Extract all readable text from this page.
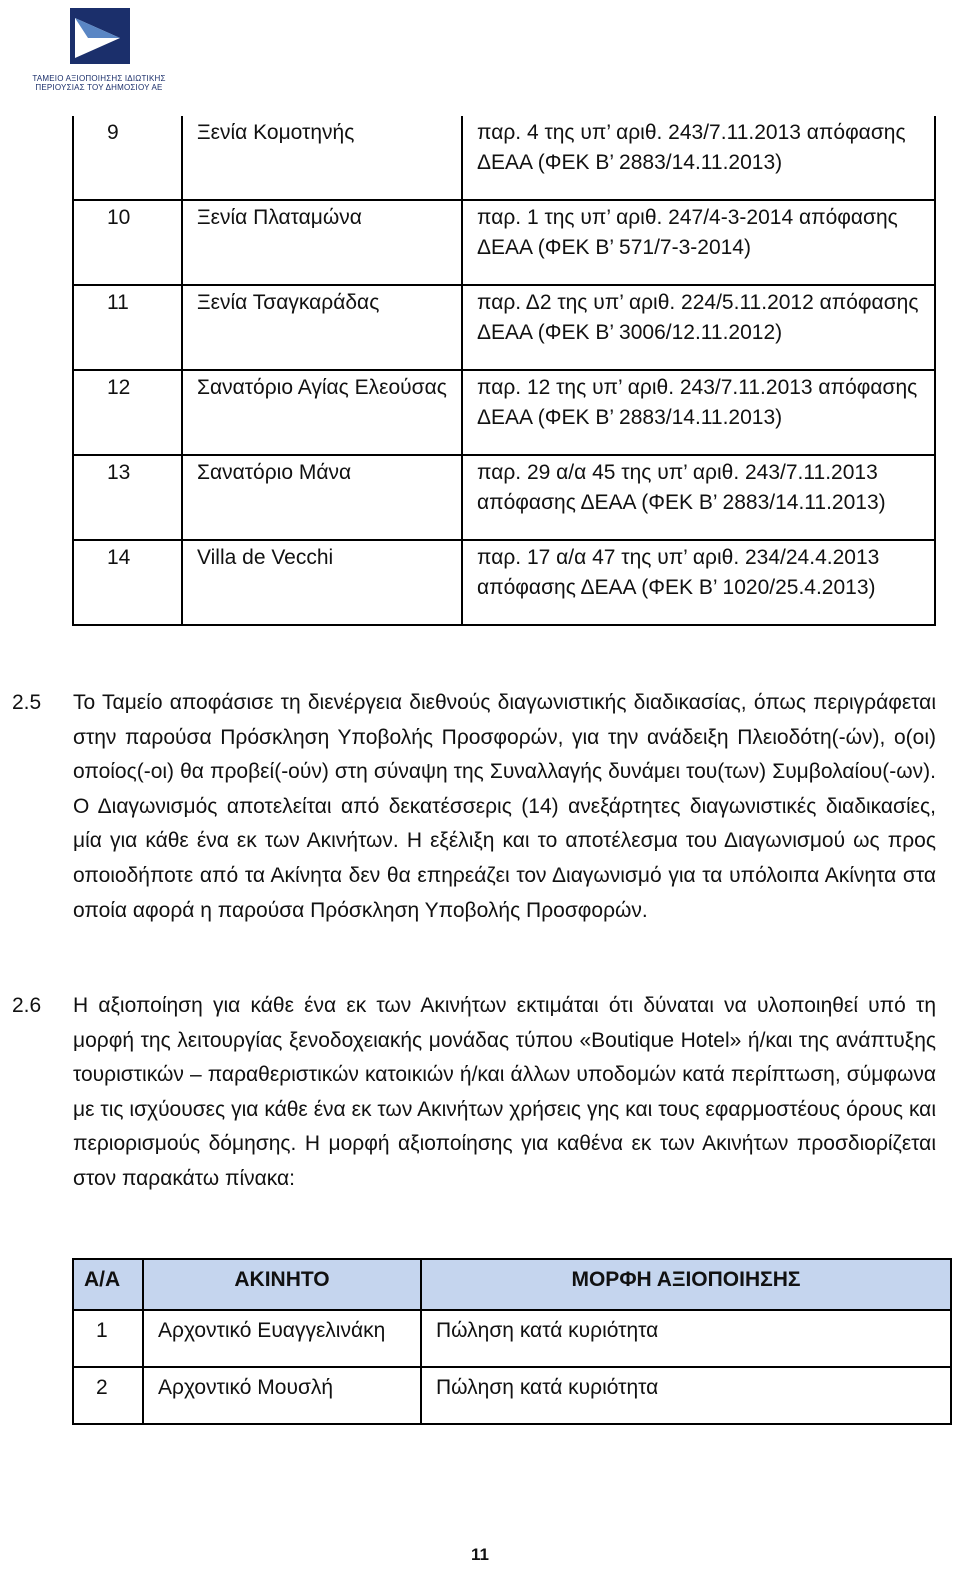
ΤΑΜΕΙΟ ΑΞΙΟΠΟΙΗΣΗΣ ΙΔΙΩΤΙΚΗΣ
ΠΕΡΙΟΥΣΙΑΣ ΤΟΥ ΔΗΜΟΣΙΟΥ ΑΕ
9	Ξενία Κομοτηνής	παρ. 4 της υπ’ αριθ. 243/7.11.2013 απόφασης ΔΕΑΑ (ΦΕΚ Β’ 2883/14.11.2013)
10	Ξενία Πλαταμώνα	παρ. 1 της υπ’ αριθ. 247/4-3-2014 απόφασης ΔΕΑΑ (ΦΕΚ Β’ 571/7-3-2014)
11	Ξενία Τσαγκαράδας	παρ. Δ2 της υπ’ αριθ. 224/5.11.2012 απόφασης ΔΕΑΑ (ΦΕΚ Β’ 3006/12.11.2012)
12	Σανατόριο Αγίας Ελεούσας	παρ. 12 της υπ’ αριθ. 243/7.11.2013 απόφασης ΔΕΑΑ (ΦΕΚ Β’ 2883/14.11.2013)
13	Σανατόριο Μάνα	παρ. 29 α/α 45 της υπ’ αριθ. 243/7.11.2013 απόφασης ΔΕΑΑ (ΦΕΚ Β’ 2883/14.11.2013)
14	Villa de Vecchi	παρ. 17 α/α 47 της υπ’ αριθ. 234/24.4.2013 απόφασης ΔΕΑΑ (ΦΕΚ Β’ 1020/25.4.2013)
2.5 Το Ταμείο αποφάσισε τη διενέργεια διεθνούς διαγωνιστικής διαδικασίας, όπως περιγράφεται στην παρούσα Πρόσκληση Υποβολής Προσφορών, για την ανάδειξη Πλειοδότη(-ών), ο(οι) οποίος(-οι) θα προβεί(-ούν) στη σύναψη της Συναλλαγής δυνάμει του(των) Συμβολαίου(-ων). Ο Διαγωνισμός αποτελείται από δεκατέσσερις (14) ανεξάρτητες διαγωνιστικές διαδικασίες, μία για κάθε ένα εκ των Ακινήτων. Η εξέλιξη και το αποτέλεσμα του Διαγωνισμού ως προς οποιοδήποτε από τα Ακίνητα δεν θα επηρεάζει τον Διαγωνισμό για τα υπόλοιπα Ακίνητα στα οποία αφορά η παρούσα Πρόσκληση Υποβολής Προσφορών.
2.6 Η αξιοποίηση για κάθε ένα εκ των Ακινήτων εκτιμάται ότι δύναται να υλοποιηθεί υπό τη μορφή της λειτουργίας ξενοδοχειακής μονάδας τύπου «Boutique Hotel» ή/και της ανάπτυξης τουριστικών – παραθεριστικών κατοικιών ή/και άλλων υποδομών κατά περίπτωση, σύμφωνα με τις ισχύουσες για κάθε ένα εκ των Ακινήτων χρήσεις γης και τους εφαρμοστέους όρους και περιορισμούς δόμησης. Η μορφή αξιοποίησης για καθένα εκ των Ακινήτων προσδιορίζεται στον παρακάτω πίνακα:
Α/Α	ΑΚΙΝΗΤΟ	ΜΟΡΦΗ ΑΞΙΟΠΟΙΗΣΗΣ
1	Αρχοντικό Ευαγγελινάκη	Πώληση κατά κυριότητα
2	Αρχοντικό Μουσλή	Πώληση κατά κυριότητα
11
